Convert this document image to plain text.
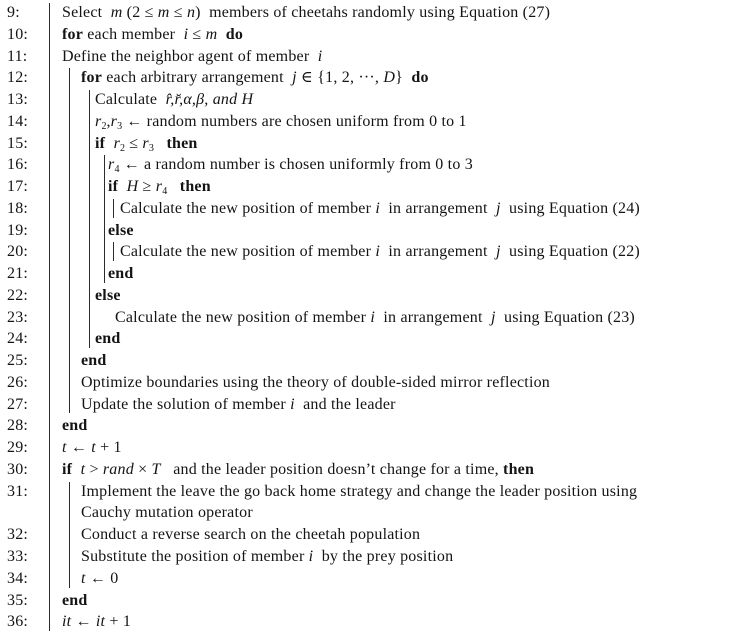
9:	Select  m (2 ≤ m ≤ n)  members of cheetahs randomly using Equation (27)
10: for each member  i ≤ m do
11: Define the neighbor agent of member  i
12:	for each arbitrary arrangement  j ∈ {1, 2, ···, D}  do
13:	Calculate  r̂,r̆,α,β, and H
14:	r2,r3 ← random numbers are chosen uniform from 0 to 1
15:	if r2 ≤ r3 then
16:	r4 ← a random number is chosen uniformly from 0 to 3
17:	if H ≥ r4 then
18:	Calculate the new position of member i  in arrangement  j  using Equation (24)
19:	else
20:	Calculate the new position of member i  in arrangement  j  using Equation (22)
21:	end
22:	else
23:	Calculate the new position of member i  in arrangement  j  using Equation (23)
24:	end
25:	end
26:	Optimize boundaries using the theory of double-sided mirror reflection
27:	Update the solution of member i  and the leader
28: end
29: t ← t + 1
30: if t > rand × T   and the leader position doesn’t change for a time, then
31:	Implement the leave the go back home strategy and change the leader position using
Cauchy mutation operator
32:	Conduct a reverse search on the cheetah population
33:	Substitute the position of member i  by the prey position
34:	t ← 0
35: end
36: it ← it + 1
